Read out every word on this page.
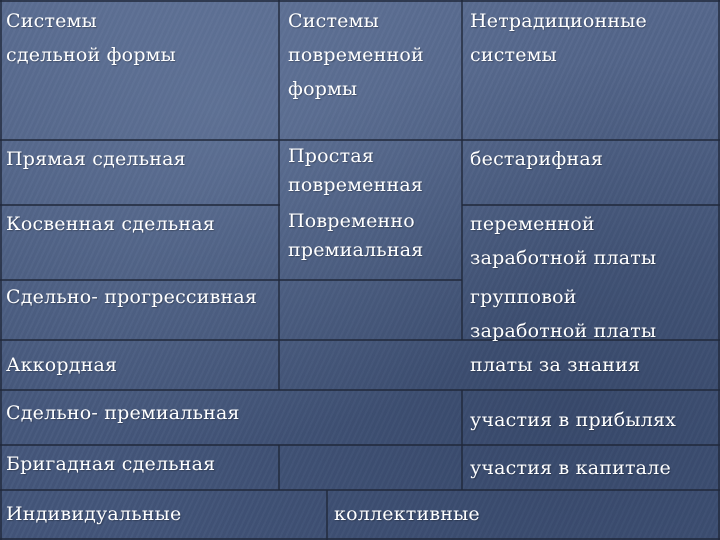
Системы
сдельной формы
Системы
повременной
формы
Нетрадиционные
системы
Прямая сдельная
Косвенная сдельная
Сдельно- прогрессивная
Аккордная
Сдельно- премиальная
Бригадная сдельная
Простая
повременная
Повременно
премиальная
бестарифная
переменной
заработной платы
групповой
заработной платы
платы за знания
участия в прибылях
участия в капитале
Индивидуальные	коллективные
